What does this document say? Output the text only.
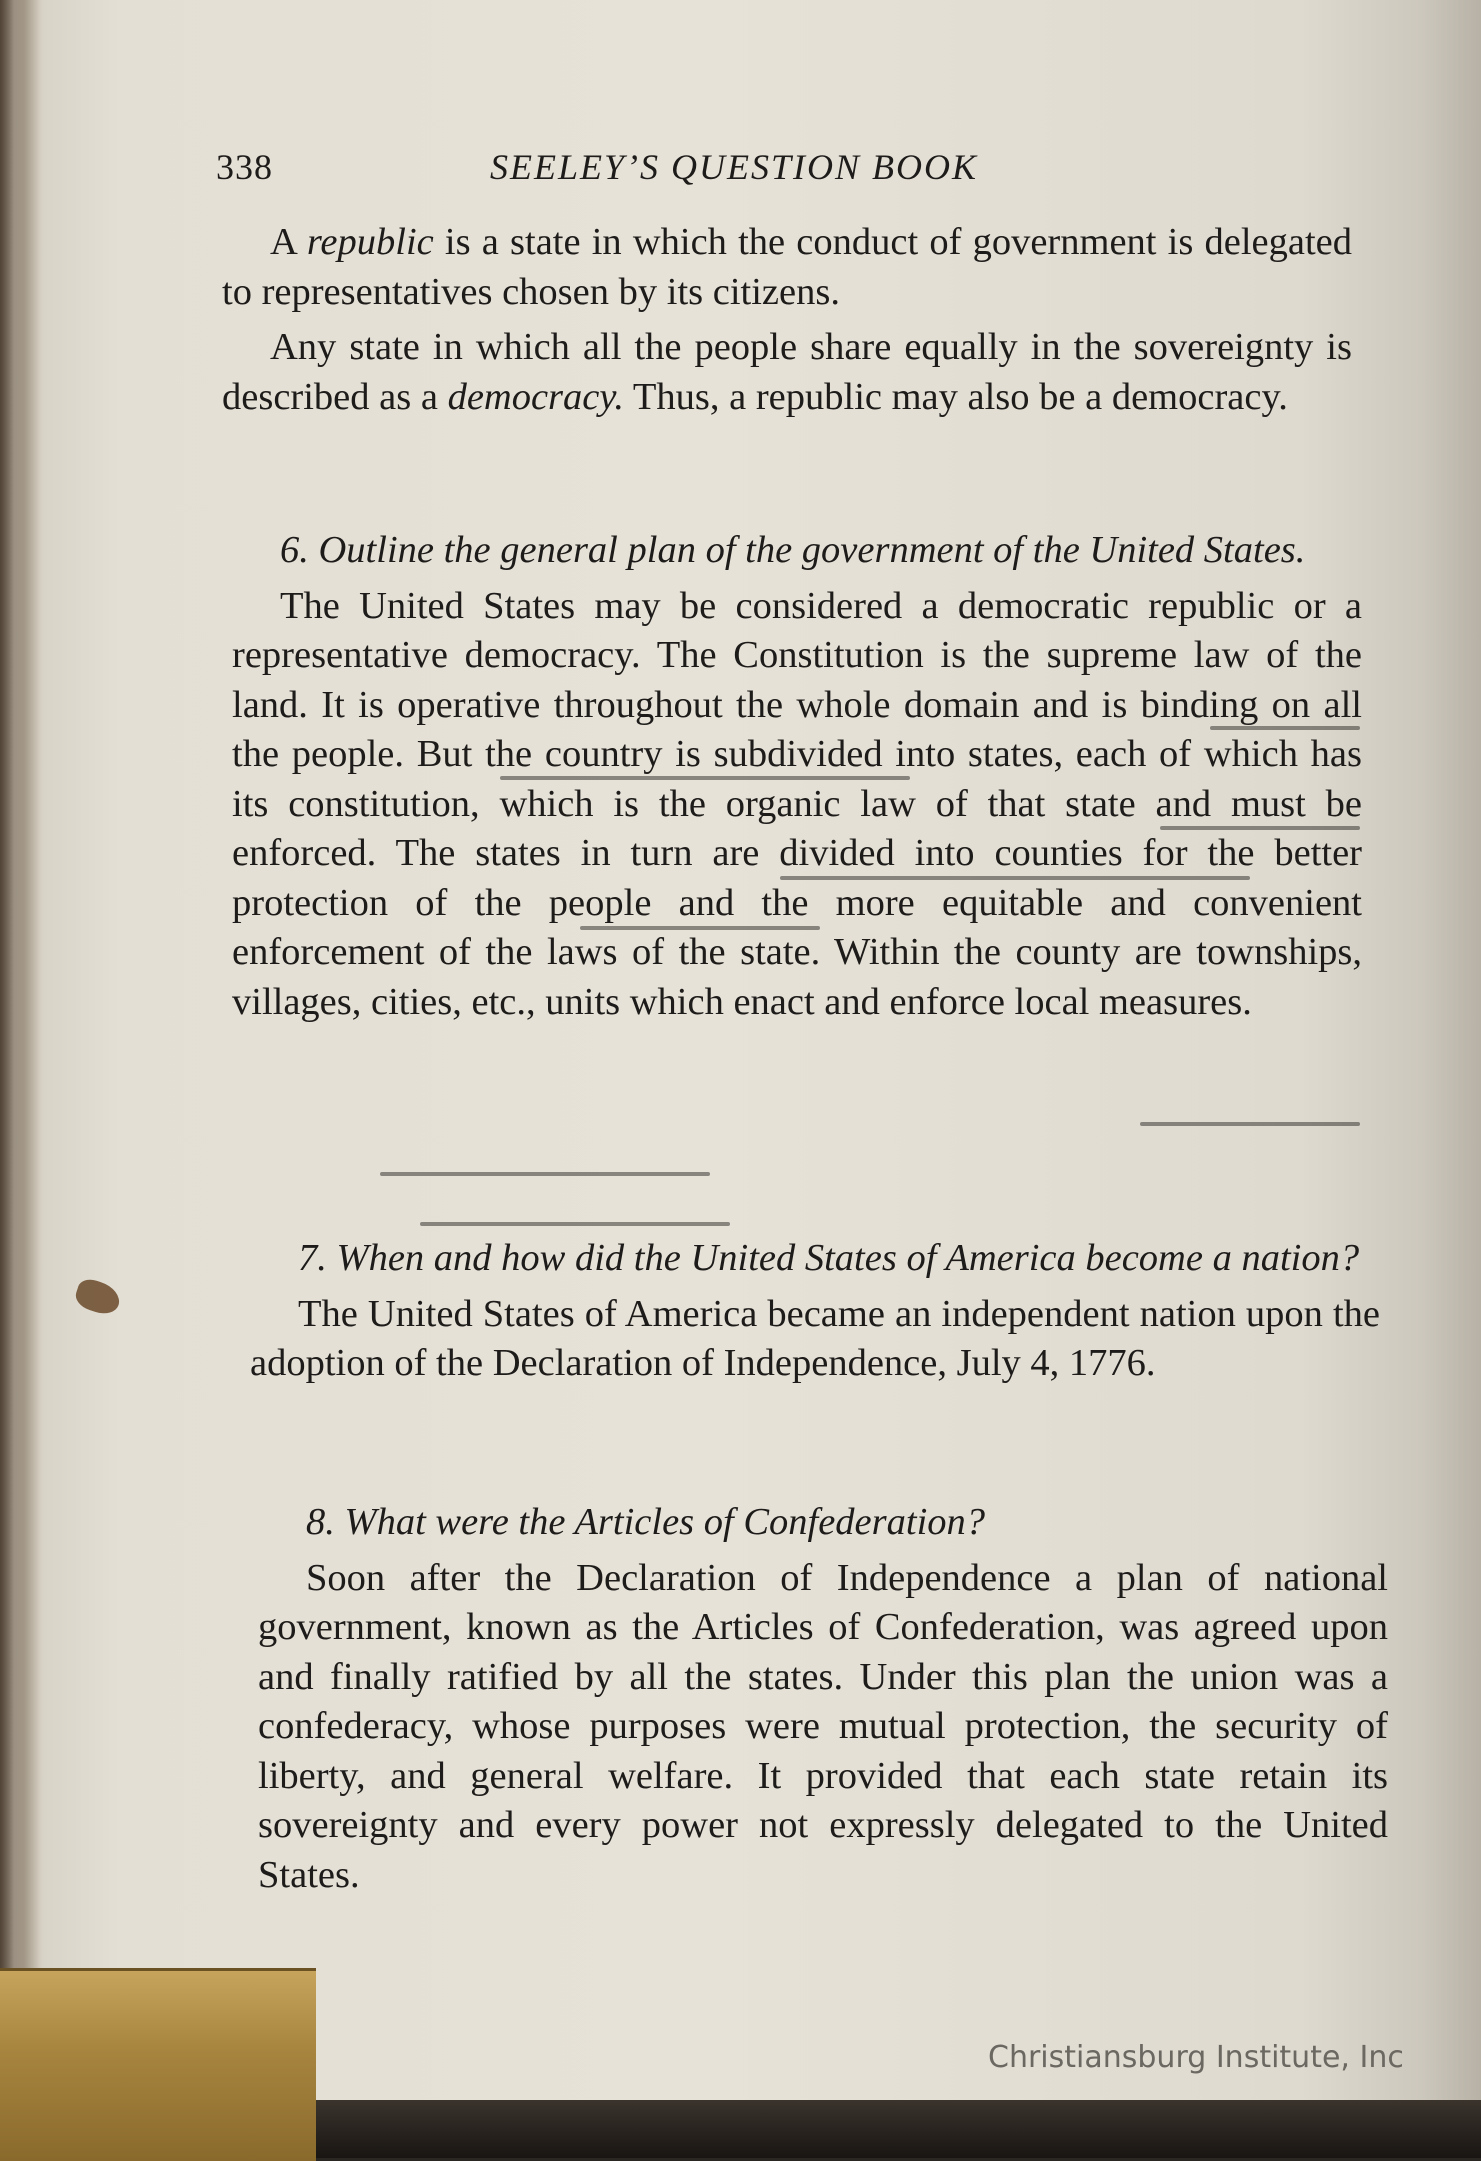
338	SEELEY’S QUESTION BOOK

A republic is a state in which the conduct of government is delegated to representatives chosen by its citizens.

Any state in which all the people share equally in the sovereignty is described as a democracy. Thus, a republic may also be a democracy.

6. Outline the general plan of the government of the United States.

The United States may be considered a democratic republic or a representative democracy. The Constitution is the supreme law of the land. It is operative throughout the whole domain and is binding on all the people. But the country is subdivided into states, each of which has its constitution, which is the organic law of that state and must be enforced. The states in turn are divided into counties for the better protection of the people and the more equitable and convenient enforcement of the laws of the state. Within the county are townships, villages, cities, etc., units which enact and enforce local measures.

7. When and how did the United States of America become a nation?

The United States of America became an independent nation upon the adoption of the Declaration of Independence, July 4, 1776.

8. What were the Articles of Confederation?

Soon after the Declaration of Independence a plan of national government, known as the Articles of Confederation, was agreed upon and finally ratified by all the states. Under this plan the union was a confederacy, whose purposes were mutual protection, the security of liberty, and general welfare. It provided that each state retain its sovereignty and every power not expressly delegated to the United States.

Christiansburg Institute, Inc
